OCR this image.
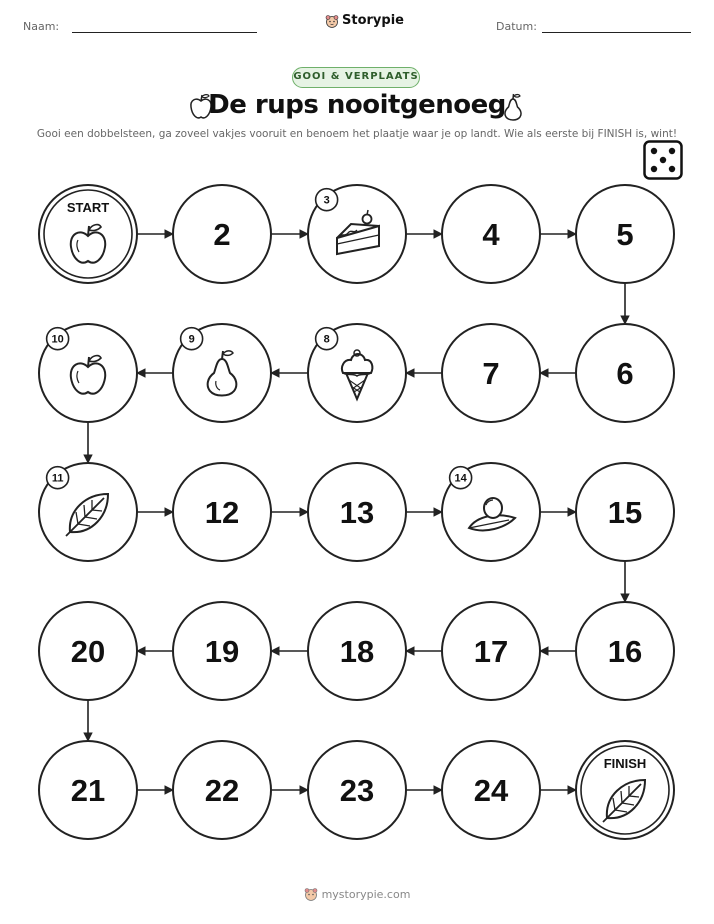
Naam:	Storypie	Datum:
GOOI & VERPLAATS
De rups nooitgenoeg
Gooi een dobbelsteen, ga zoveel vakjes vooruit en benoem het plaatje waar je op landt. Wie als eerste bij FINISH is, wint!
START
2
3
4	5
6
7
8
9
10
11
12	13
14
15
16
17
18
19
20
21	22	23	24
FINISH
mystorypie.com
